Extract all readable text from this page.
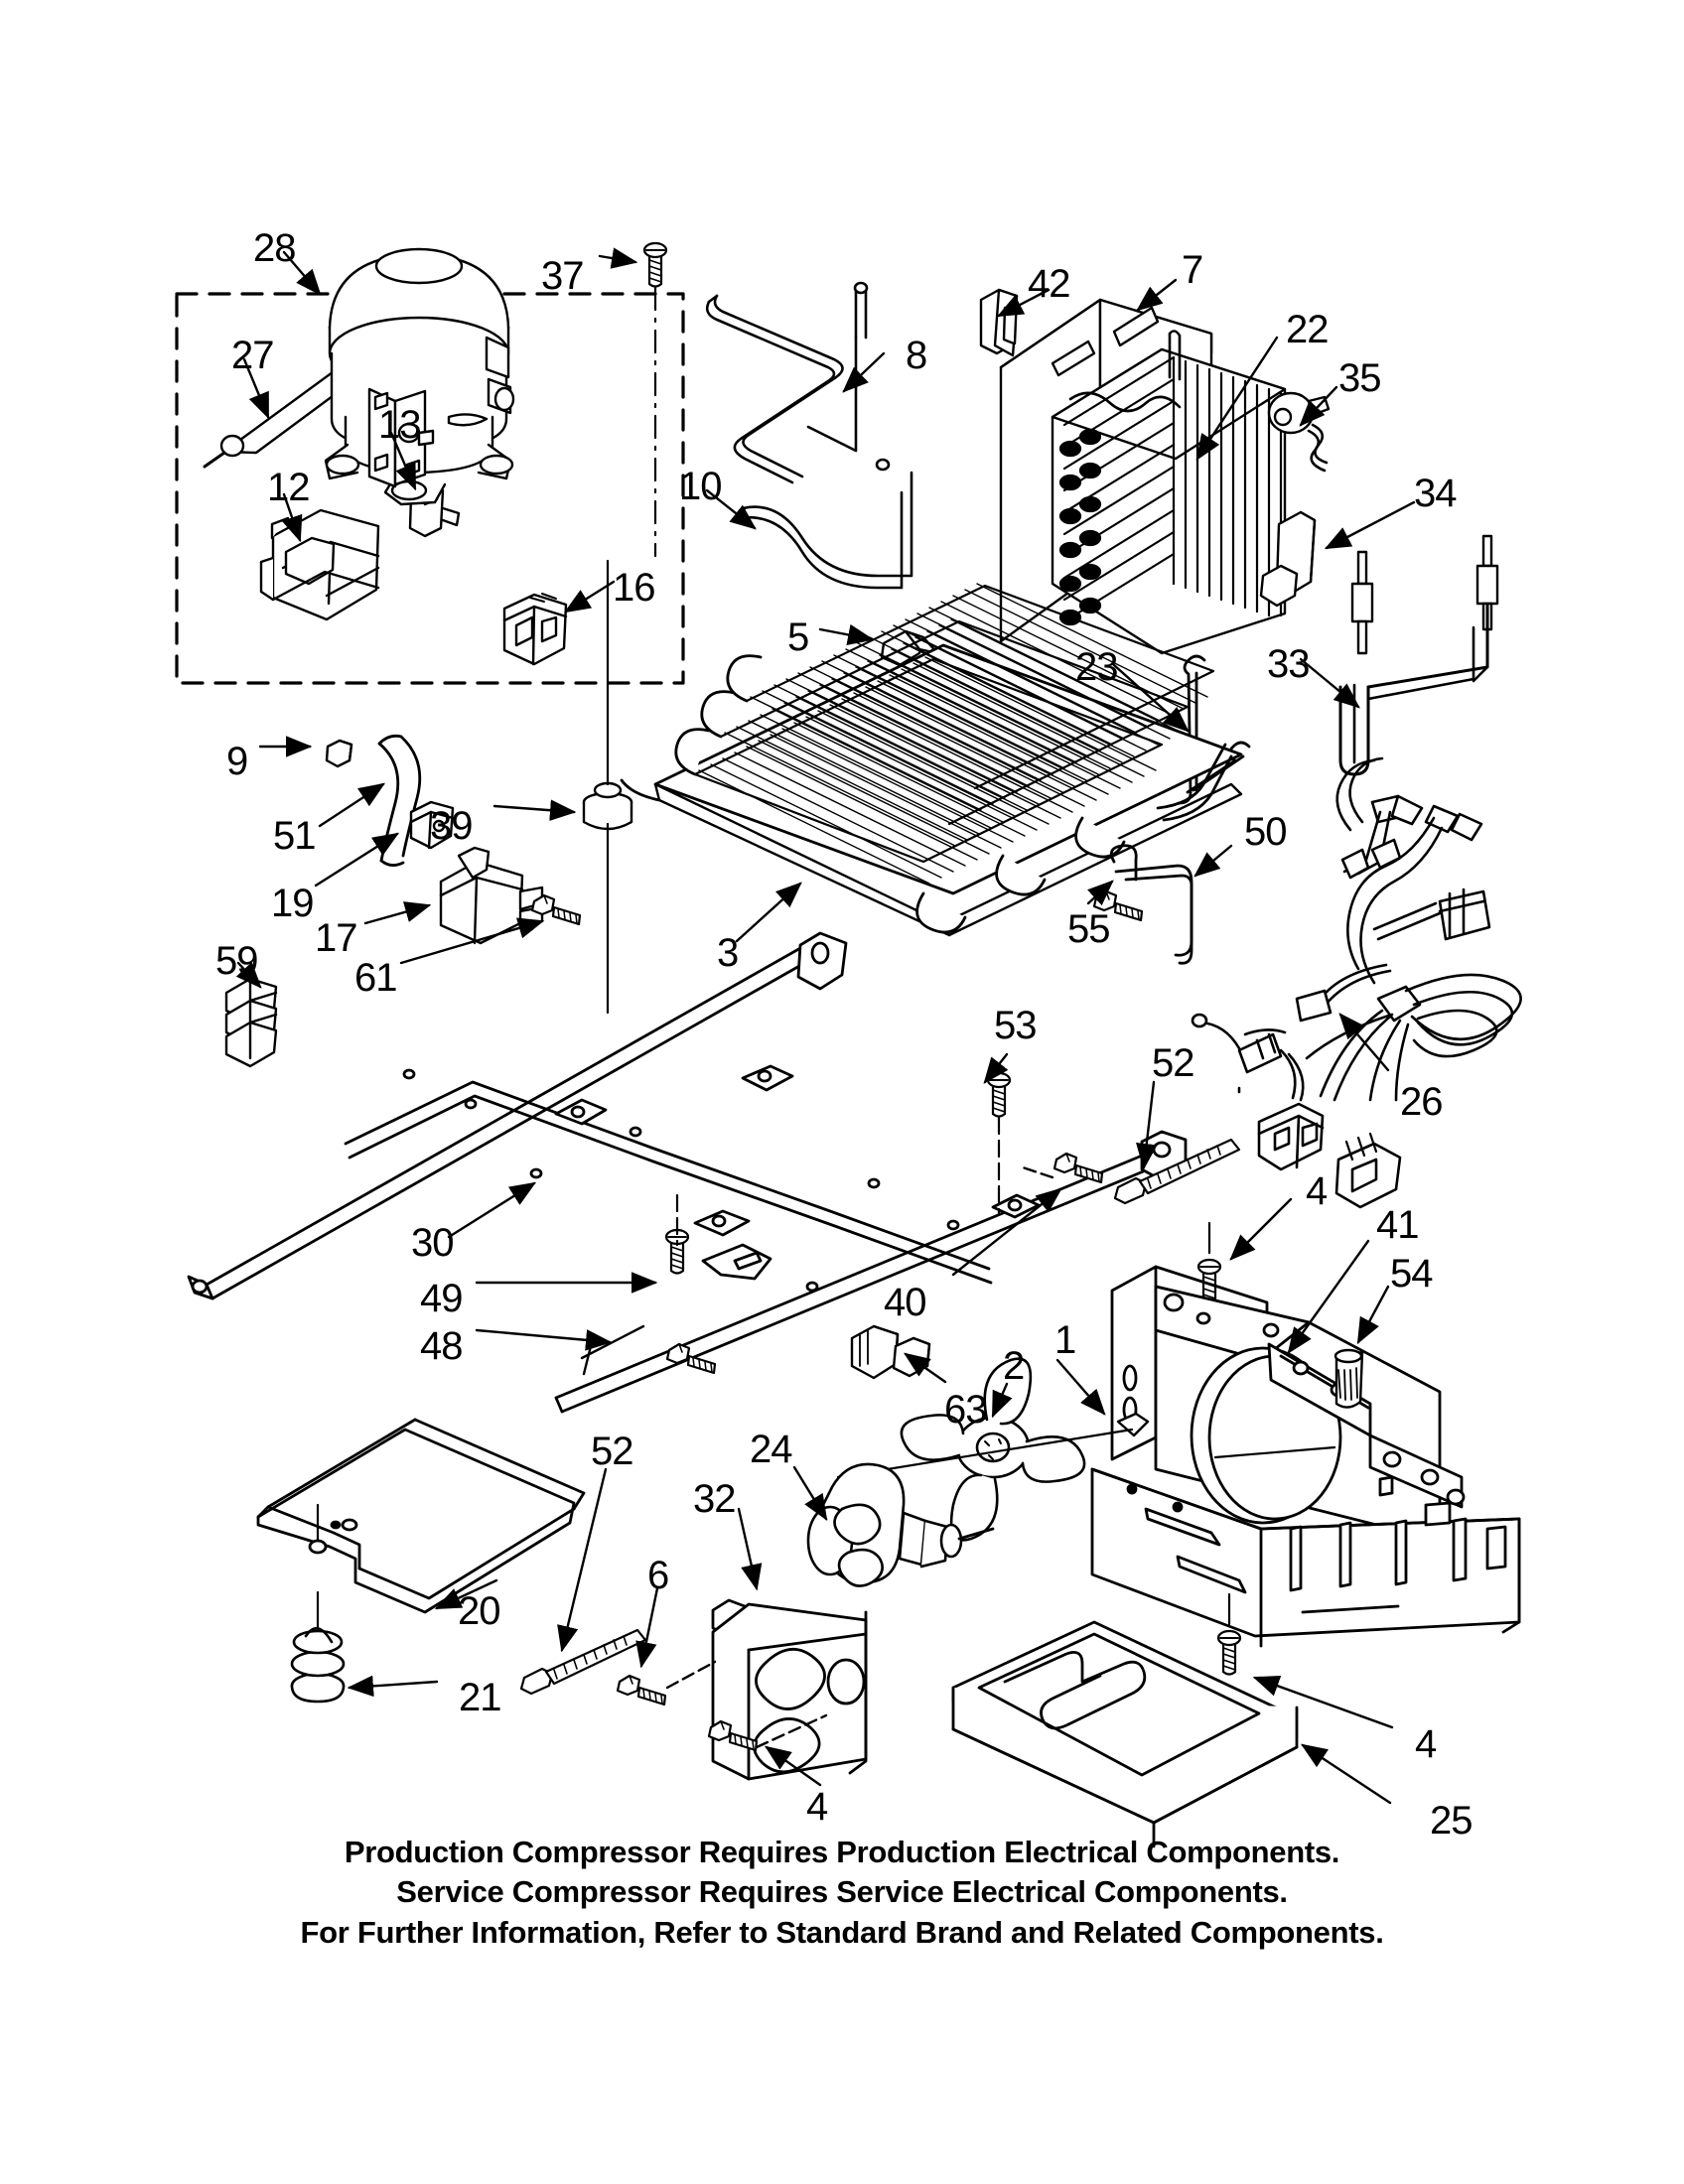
28
37	42	7
22
27
35
13
8
34
12	10
16
5
23	33
9
51	39	50
19
17	55
61
59	3
26
53
52
30
4
41
49
54
40
48
63
2
1
24
52
32
6
20
21
4
4
25
Production Compressor Requires Production Electrical Components.
Service Compressor Requires Service Electrical Components.
For Further Information, Refer to Standard Brand and Related Components.
